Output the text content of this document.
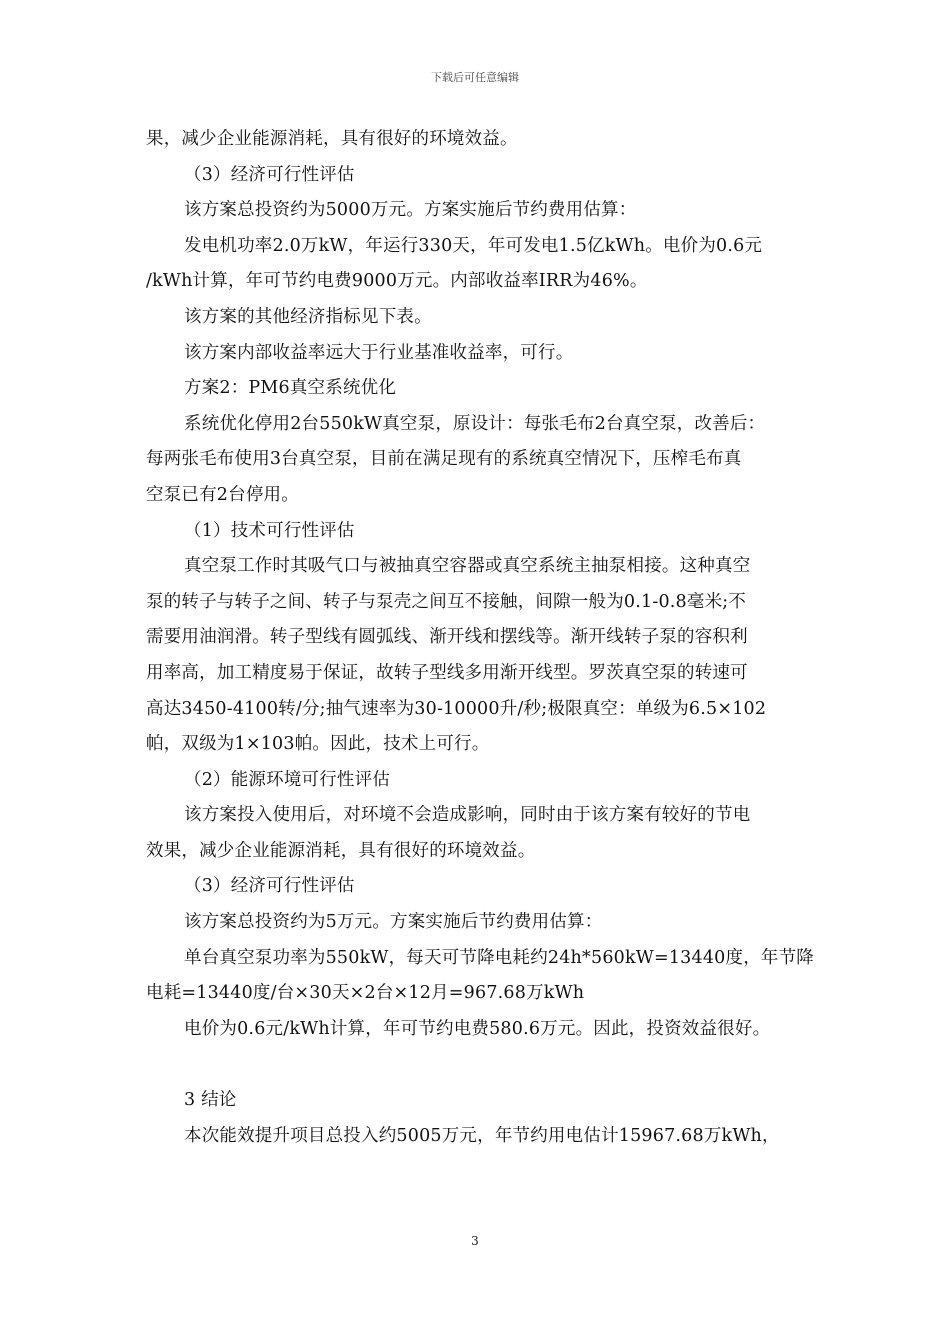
下载后可任意编辑
果，减少企业能源消耗，具有很好的环境效益。
（3）经济可行性评估
该方案总投资约为5000万元。方案实施后节约费用估算：
发电机功率2.0万kW，年运行330天，年可发电1.5亿kWh。电价为0.6元
/kWh计算，年可节约电费9000万元。内部收益率IRR为46%。
该方案的其他经济指标见下表。
该方案内部收益率远大于行业基准收益率，可行。
方案2：PM6真空系统优化
系统优化停用2台550kW真空泵，原设计：每张毛布2台真空泵，改善后：
每两张毛布使用3台真空泵，目前在满足现有的系统真空情况下，压榨毛布真
空泵已有2台停用。
（1）技术可行性评估
真空泵工作时其吸气口与被抽真空容器或真空系统主抽泵相接。这种真空
泵的转子与转子之间、转子与泵壳之间互不接触，间隙一般为0.1-0.8毫米;不
需要用油润滑。转子型线有圆弧线、渐开线和摆线等。渐开线转子泵的容积利
用率高，加工精度易于保证，故转子型线多用渐开线型。罗茨真空泵的转速可
高达3450-4100转/分;抽气速率为30-10000升/秒;极限真空：单级为6.5×102
帕，双级为1×103帕。因此，技术上可行。
（2）能源环境可行性评估
该方案投入使用后，对环境不会造成影响，同时由于该方案有较好的节电
效果，减少企业能源消耗，具有很好的环境效益。
（3）经济可行性评估
该方案总投资约为5万元。方案实施后节约费用估算：
单台真空泵功率为550kW，每天可节降电耗约24h*560kW=13440度，年节降
电耗=13440度/台×30天×2台×12月=967.68万kWh
电价为0.6元/kWh计算，年可节约电费580.6万元。因此，投资效益很好。
3 结论
本次能效提升项目总投入约5005万元，年节约用电估计15967.68万kWh，
3
